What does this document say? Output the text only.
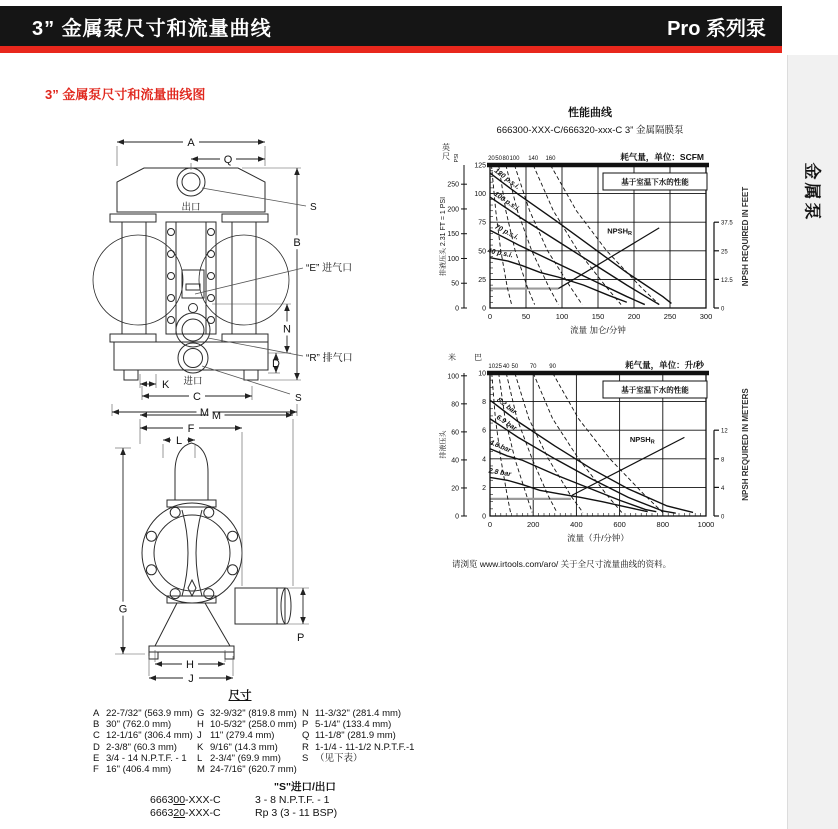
3” 金属泵尺寸和流量曲线	Pro 系列泵
金属泵
3” 金属泵尺寸和流量曲线图
A
Q
C
M
K
B
N
D
S
“E” 进气口
“R” 排气口
S
出口
进口
M
F
L
H
J
G
P
尺寸
A 22-7/32" (563.9 mm)
B 30" (762.0 mm)
C 12-1/16" (306.4 mm)
D 2-3/8" (60.3 mm)
E 3/4 - 14 N.P.T.F. - 1
F 16" (406.4 mm)
G 32-9/32" (819.8 mm)
H 10-5/32" (258.0 mm)
J 11" (279.4 mm)
K 9/16" (14.3 mm)
L 2-3/4" (69.9 mm)
M 24-7/16" (620.7 mm)
N 11-3/32" (281.4 mm)
P 5-1/4" (133.4 mm)
Q 11-1/8" (281.9 mm)
R 1-1/4 - 11-1/2 N.P.T.F.-1
S （见下表）
"S"进口/出口
666300-XXX-C	3 - 8 N.P.T.F. - 1
666320-XXX-C	Rp 3 (3 - 11 BSP)
性能曲线
666300-XXX-C/666320-xxx-C 3” 金属隔膜泵
120 p.s.i.
100 p.s.i.
70 p.s.i.
40 p.s.i.
$NPSH_R$
0
25
50
75
100
125
0	50	100	150	200	250	300
流量 加仑/分钟
20 50 80 100 140 160	耗气量，单位：SCFM
0
50
100
150
200
250
英
尺 PSI
排液压头 2.31 FT = 1 PSI
0
12.5
25
37.5 NPSH REQUIRED IN FEET
基于室温下水的性能
8.2 bar
6.9 bar
4.8 bar
2.8 bar
$NPSH_R$
0
2
4
6
8
10
0	200	400	600	800	1000
流量（升/分钟）
10 25 40 50 70 90	耗气量，单位：升/秒
0
20
40
60
80
100
米 巴
排液压头
0
4
8
12 NPSH REQUIRED IN METERS
基于室温下水的性能
请浏览 www.irtools.com/aro/ 关于全尺寸流量曲线的资料。
